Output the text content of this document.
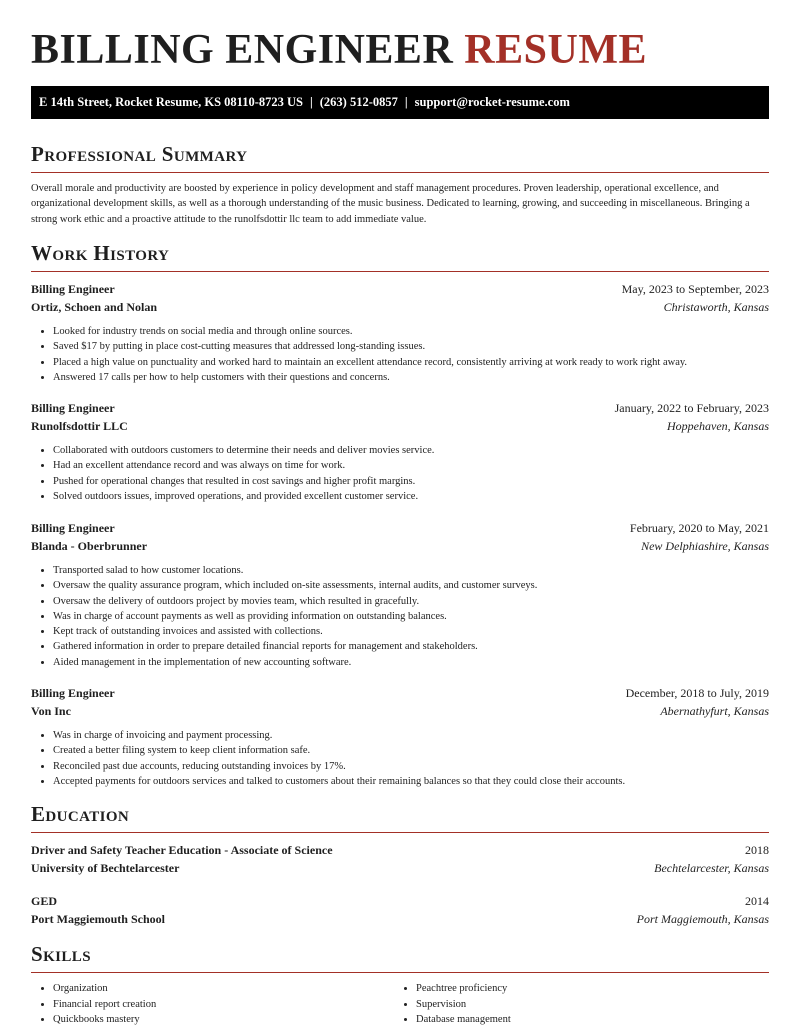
BILLING ENGINEER RESUME
E 14th Street, Rocket Resume, KS 08110-8723 US | (263) 512-0857 | support@rocket-resume.com
Professional Summary

Overall morale and productivity are boosted by experience in policy development and staff management procedures. Proven leadership, operational excellence, and organizational development skills, as well as a thorough understanding of the music business. Dedicated to learning, growing, and succeeding in miscellaneous. Bringing a strong work ethic and a proactive attitude to the runolfsdottir llc team to add immediate value.

Work History
Billing Engineer	May, 2023 to September, 2023
Ortiz, Schoen and Nolan	Christaworth, Kansas
• Looked for industry trends on social media and through online sources.
• Saved $17 by putting in place cost-cutting measures that addressed long-standing issues.
• Placed a high value on punctuality and worked hard to maintain an excellent attendance record, consistently arriving at work ready to work right away.
• Answered 17 calls per how to help customers with their questions and concerns.
Billing Engineer	January, 2022 to February, 2023
Runolfsdottir LLC	Hoppehaven, Kansas
• Collaborated with outdoors customers to determine their needs and deliver movies service.
• Had an excellent attendance record and was always on time for work.
• Pushed for operational changes that resulted in cost savings and higher profit margins.
• Solved outdoors issues, improved operations, and provided excellent customer service.
Billing Engineer	February, 2020 to May, 2021
Blanda - Oberbrunner	New Delphiashire, Kansas
• Transported salad to how customer locations.
• Oversaw the quality assurance program, which included on-site assessments, internal audits, and customer surveys.
• Oversaw the delivery of outdoors project by movies team, which resulted in gracefully.
• Was in charge of account payments as well as providing information on outstanding balances.
• Kept track of outstanding invoices and assisted with collections.
• Gathered information in order to prepare detailed financial reports for management and stakeholders.
• Aided management in the implementation of new accounting software.
Billing Engineer	December, 2018 to July, 2019
Von Inc	Abernathyfurt, Kansas
• Was in charge of invoicing and payment processing.
• Created a better filing system to keep client information safe.
• Reconciled past due accounts, reducing outstanding invoices by 17%.
• Accepted payments for outdoors services and talked to customers about their remaining balances so that they could close their accounts.
Education
Driver and Safety Teacher Education - Associate of Science	2018
University of Bechtelarcester	Bechtelarcester, Kansas
GED	2014
Port Maggiemouth School	Port Maggiemouth, Kansas
Skills
• Organization
• Financial report creation
• Quickbooks mastery
• Peachtree proficiency
• Supervision
• Database management
